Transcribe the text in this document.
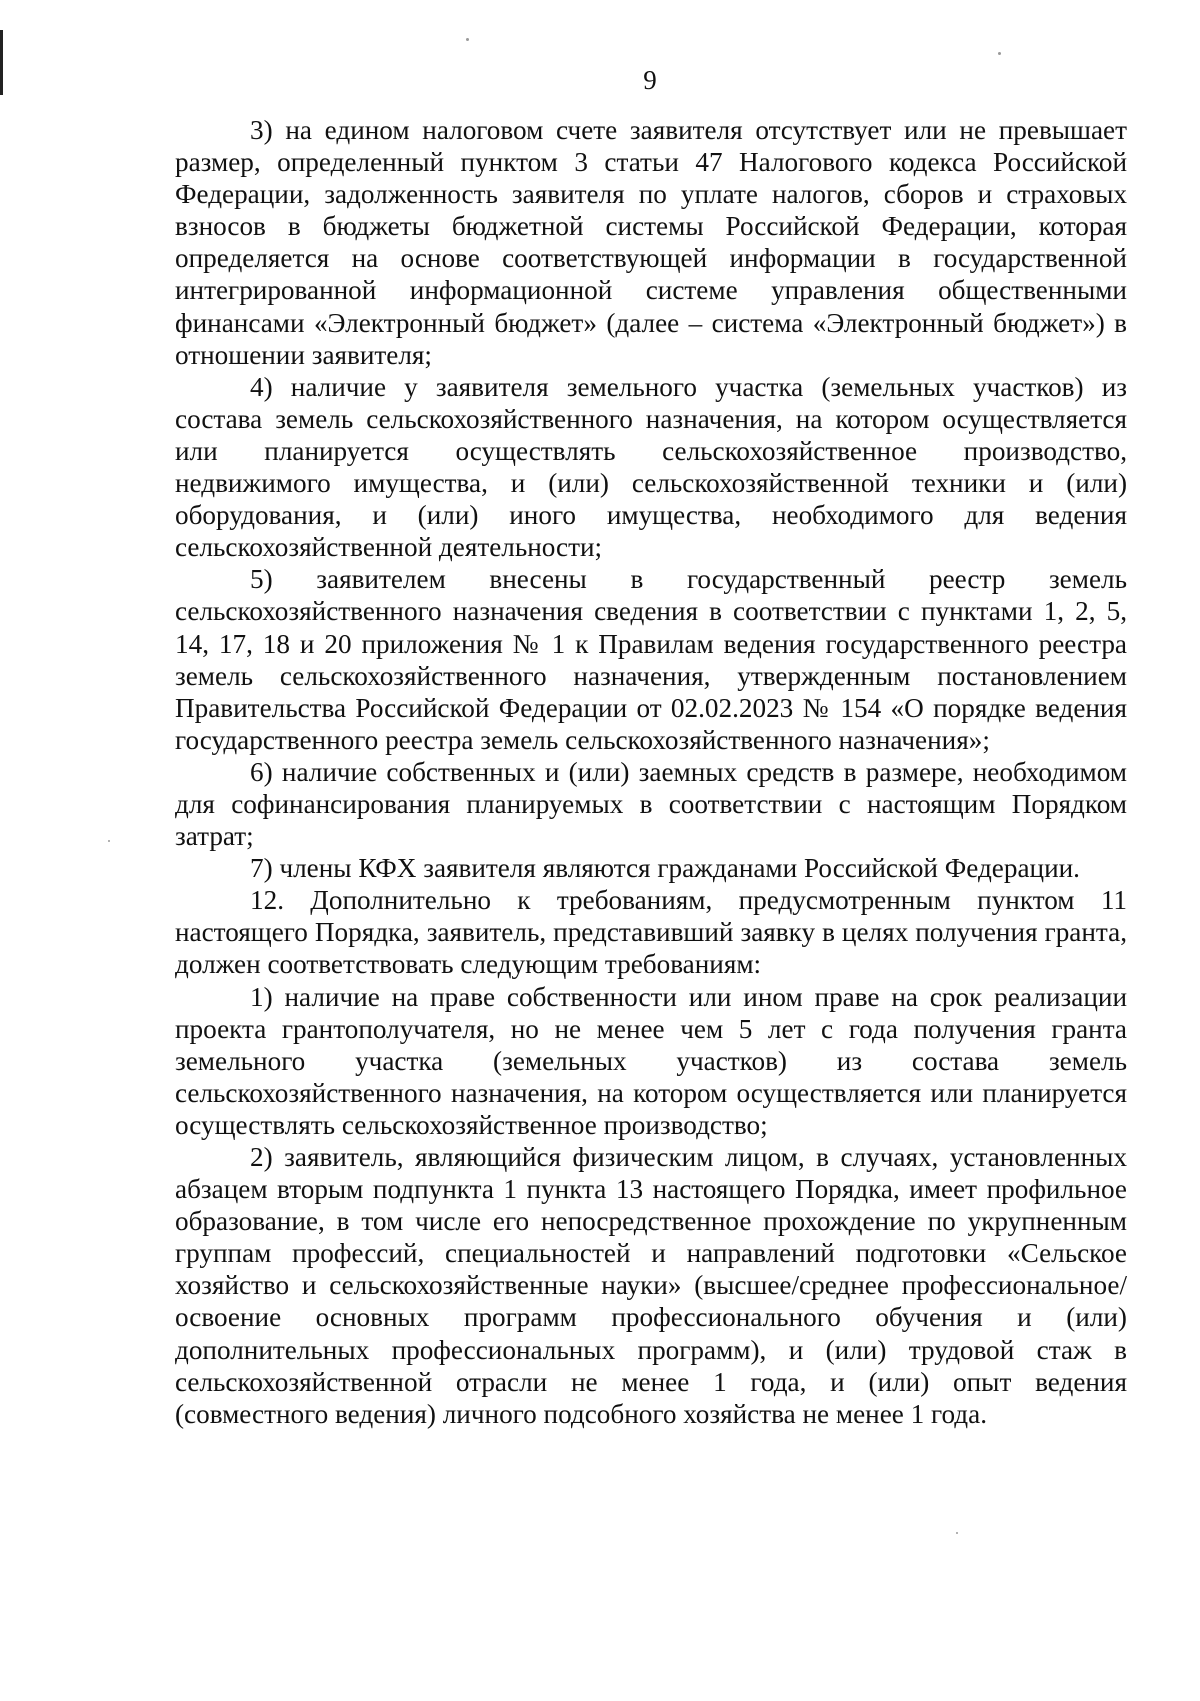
9

3) на едином налоговом счете заявителя отсутствует или не превышает размер, определенный пунктом 3 статьи 47 Налогового кодекса Российской Федерации, задолженность заявителя по уплате налогов, сборов и страховых взносов в бюджеты бюджетной системы Российской Федерации, которая определяется на основе соответствующей информации в государственной интегрированной информационной системе управления общественными финансами «Электронный бюджет» (далее – система «Электронный бюджет») в отношении заявителя;

4) наличие у заявителя земельного участка (земельных участков) из состава земель сельскохозяйственного назначения, на котором осуществляется или планируется осуществлять сельскохозяйственное производство, недвижимого имущества, и (или) сельскохозяйственной техники и (или) оборудования, и (или) иного имущества, необходимого для ведения сельскохозяйственной деятельности;

5) заявителем внесены в государственный реестр земель сельскохозяйственного назначения сведения в соответствии с пунктами 1, 2, 5, 14, 17, 18 и 20 приложения № 1 к Правилам ведения государственного реестра земель сельскохозяйственного назначения, утвержденным постановлением Правительства Российской Федерации от 02.02.2023 № 154 «О порядке ведения государственного реестра земель сельскохозяйственного назначения»;

6) наличие собственных и (или) заемных средств в размере, необходимом для софинансирования планируемых в соответствии с настоящим Порядком затрат;

7) члены КФХ заявителя являются гражданами Российской Федерации.

12. Дополнительно к требованиям, предусмотренным пунктом 11 настоящего Порядка, заявитель, представивший заявку в целях получения гранта, должен соответствовать следующим требованиям:

1) наличие на праве собственности или ином праве на срок реализации проекта грантополучателя, но не менее чем 5 лет с года получения гранта земельного участка (земельных участков) из состава земель сельскохозяйственного назначения, на котором осуществляется или планируется осуществлять сельскохозяйственное производство;

2) заявитель, являющийся физическим лицом, в случаях, установленных абзацем вторым подпункта 1 пункта 13 настоящего Порядка, имеет профильное образование, в том числе его непосредственное прохождение по укрупненным группам профессий, специальностей и направлений подготовки «Сельское хозяйство и сельскохозяйственные науки» (высшее/среднее профессиональное/освоение основных программ профессионального обучения и (или) дополнительных профессиональных программ), и (или) трудовой стаж в сельскохозяйственной отрасли не менее 1 года, и (или) опыт ведения (совместного ведения) личного подсобного хозяйства не менее 1 года.
